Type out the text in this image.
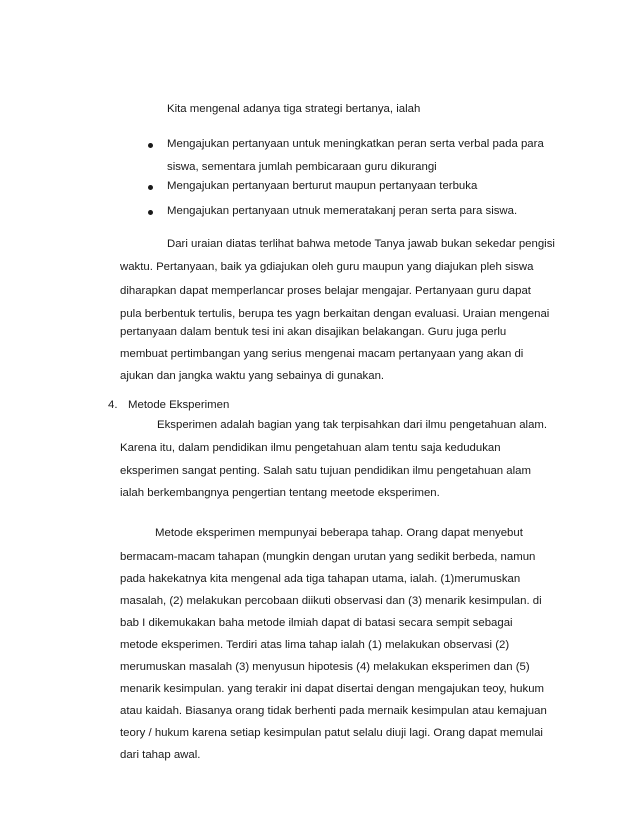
Kita mengenal adanya tiga strategi bertanya, ialah
Mengajukan pertanyaan untuk meningkatkan peran serta verbal pada para
siswa, sementara jumlah pembicaraan guru dikurangi
Mengajukan pertanyaan berturut maupun pertanyaan terbuka
Mengajukan pertanyaan utnuk memeratakanj peran serta para siswa.
Dari uraian diatas terlihat bahwa metode Tanya jawab bukan sekedar pengisi
waktu. Pertanyaan, baik ya gdiajukan oleh guru maupun yang diajukan pleh siswa
diharapkan dapat memperlancar proses belajar mengajar. Pertanyaan guru dapat
pula berbentuk tertulis, berupa tes yagn berkaitan dengan evaluasi. Uraian mengenai
pertanyaan dalam bentuk tesi ini akan disajikan belakangan. Guru juga perlu
membuat pertimbangan yang serius mengenai macam pertanyaan yang akan di
ajukan dan jangka waktu yang sebainya di gunakan.
4. Metode Eksperimen
Eksperimen adalah bagian yang tak terpisahkan dari ilmu pengetahuan alam.
Karena itu, dalam pendidikan ilmu pengetahuan alam tentu saja kedudukan
eksperimen sangat penting. Salah satu tujuan pendidikan ilmu pengetahuan alam
ialah berkembangnya pengertian tentang meetode eksperimen.
Metode eksperimen mempunyai beberapa tahap. Orang dapat menyebut
bermacam-macam tahapan (mungkin dengan urutan yang sedikit berbeda, namun
pada hakekatnya kita mengenal ada tiga tahapan utama, ialah. (1)merumuskan
masalah, (2) melakukan percobaan diikuti observasi dan (3) menarik kesimpulan. di
bab I dikemukakan baha metode ilmiah dapat di batasi secara sempit sebagai
metode eksperimen. Terdiri atas lima tahap ialah (1) melakukan observasi (2)
merumuskan masalah (3) menyusun hipotesis (4) melakukan eksperimen dan (5)
menarik kesimpulan. yang terakir ini dapat disertai dengan mengajukan teoy, hukum
atau kaidah. Biasanya orang tidak berhenti pada mernaik kesimpulan atau kemajuan
teory / hukum karena setiap kesimpulan patut selalu diuji lagi. Orang dapat memulai
dari tahap awal.
